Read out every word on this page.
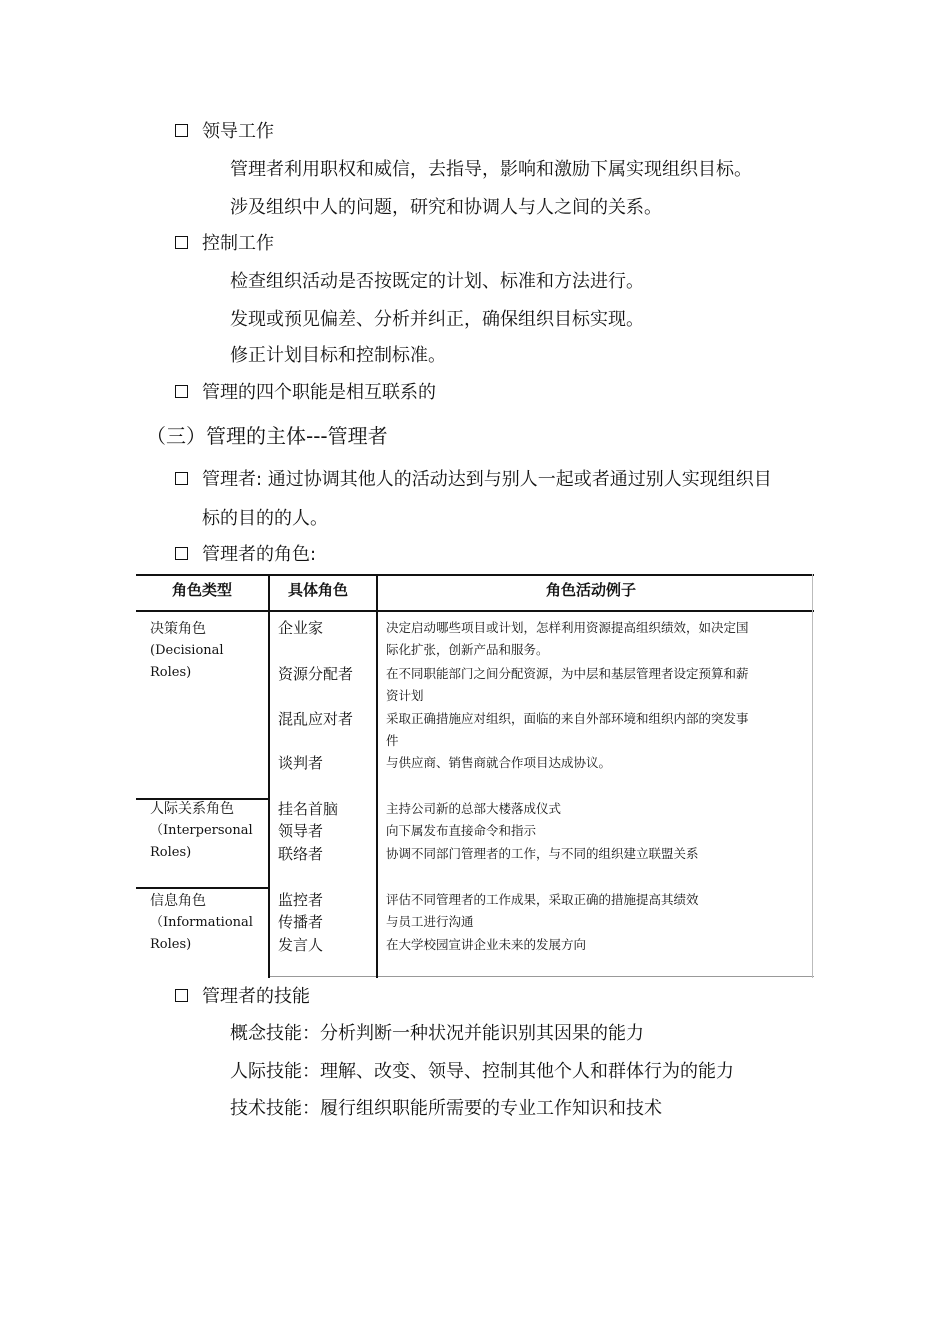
领导工作
管理者利用职权和威信，去指导，影响和激励下属实现组织目标。
涉及组织中人的问题，研究和协调人与人之间的关系。
控制工作
检查组织活动是否按既定的计划、标准和方法进行。
发现或预见偏差、分析并纠正，确保组织目标实现。
修正计划目标和控制标准。
管理的四个职能是相互联系的
（三）管理的主体---管理者
管理者: 通过协调其他人的活动达到与别人一起或者通过别人实现组织目
标的目的的人。
管理者的角色:
角色类型	具体角色	角色活动例子
决策角色
(Decisional
Roles)
企业家	决定启动哪些项目或计划，怎样利用资源提高组织绩效，如决定国
际化扩张，创新产品和服务。
资源分配者	在不同职能部门之间分配资源，为中层和基层管理者设定预算和薪
资计划
混乱应对者	采取正确措施应对组织，面临的来自外部环境和组织内部的突发事
件
谈判者	与供应商、销售商就合作项目达成协议。
人际关系角色
（Interpersonal
Roles)
挂名首脑	主持公司新的总部大楼落成仪式
领导者	向下属发布直接命令和指示
联络者	协调不同部门管理者的工作，与不同的组织建立联盟关系
信息角色
（Informational
Roles)
监控者	评估不同管理者的工作成果，采取正确的措施提高其绩效
传播者	与员工进行沟通
发言人	在大学校园宣讲企业未来的发展方向
管理者的技能
概念技能：分析判断一种状况并能识别其因果的能力
人际技能：理解、改变、领导、控制其他个人和群体行为的能力
技术技能：履行组织职能所需要的专业工作知识和技术
